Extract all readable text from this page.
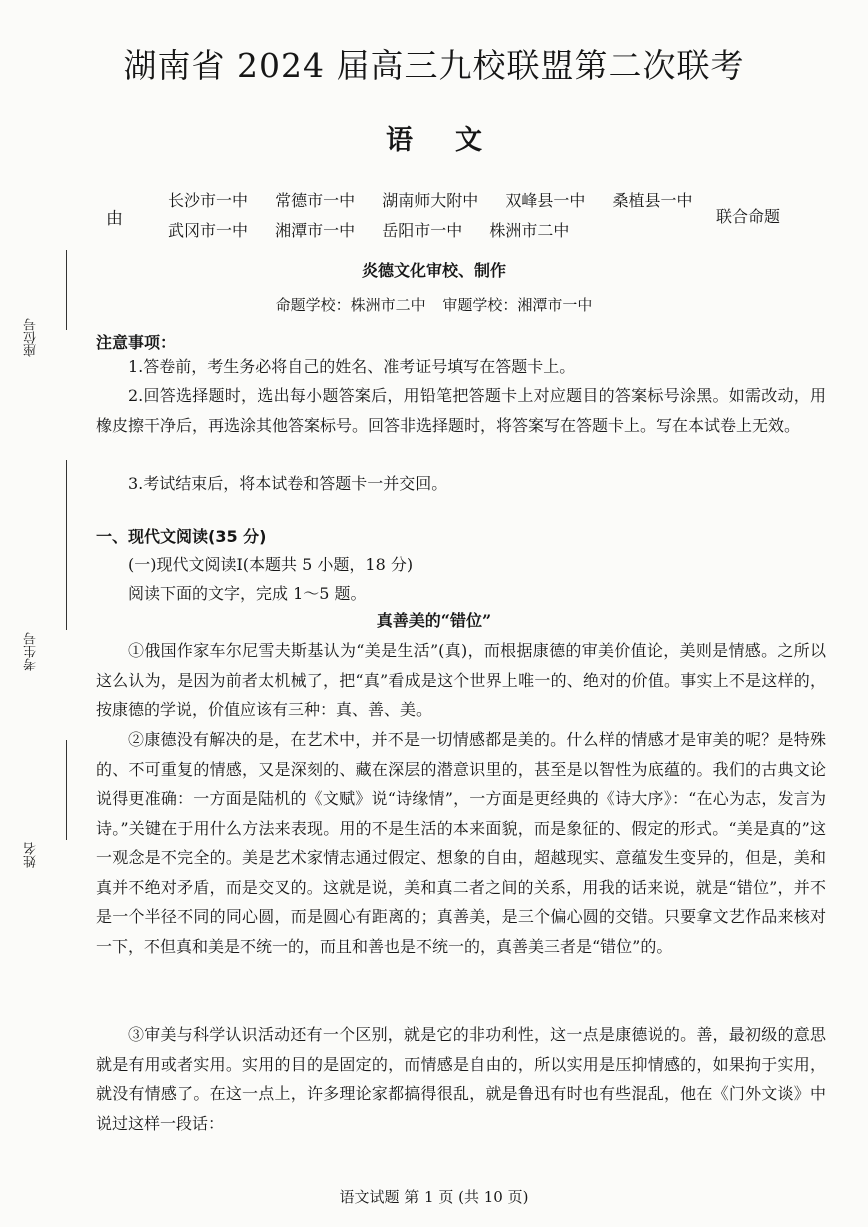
湖南省 2024 届高三九校联盟第二次联考
语文
由
长沙市一中 常德市一中 湖南师大附中 双峰县一中 桑植县一中
武冈市一中 湘潭市一中 岳阳市一中 株洲市二中
联合命题
炎德文化审校、制作
命题学校：株洲市二中 审题学校：湘潭市一中
座位号
考生号
姓名
注意事项：
1.答卷前，考生务必将自己的姓名、准考证号填写在答题卡上。
2.回答选择题时，选出每小题答案后，用铅笔把答题卡上对应题目的答案标号涂黑。如需改动，用橡皮擦干净后，再选涂其他答案标号。回答非选择题时，将答案写在答题卡上。写在本试卷上无效。
3.考试结束后，将本试卷和答题卡一并交回。
一、现代文阅读(35 分)
(一)现代文阅读Ⅰ(本题共 5 小题，18 分)
阅读下面的文字，完成 1～5 题。
真善美的“错位”
①俄国作家车尔尼雪夫斯基认为“美是生活”(真)，而根据康德的审美价值论，美则是情感。之所以这么认为，是因为前者太机械了，把“真”看成是这个世界上唯一的、绝对的价值。事实上不是这样的，按康德的学说，价值应该有三种：真、善、美。
②康德没有解决的是，在艺术中，并不是一切情感都是美的。什么样的情感才是审美的呢？是特殊的、不可重复的情感，又是深刻的、藏在深层的潜意识里的，甚至是以智性为底蕴的。我们的古典文论说得更准确：一方面是陆机的《文赋》说“诗缘情”，一方面是更经典的《诗大序》：“在心为志，发言为诗。”关键在于用什么方法来表现。用的不是生活的本来面貌，而是象征的、假定的形式。“美是真的”这一观念是不完全的。美是艺术家情志通过假定、想象的自由，超越现实、意蕴发生变异的，但是，美和真并不绝对矛盾，而是交叉的。这就是说，美和真二者之间的关系，用我的话来说，就是“错位”，并不是一个半径不同的同心圆，而是圆心有距离的；真善美，是三个偏心圆的交错。只要拿文艺作品来核对一下，不但真和美是不统一的，而且和善也是不统一的，真善美三者是“错位”的。
③审美与科学认识活动还有一个区别，就是它的非功利性，这一点是康德说的。善，最初级的意思就是有用或者实用。实用的目的是固定的，而情感是自由的，所以实用是压抑情感的，如果拘于实用，就没有情感了。在这一点上，许多理论家都搞得很乱，就是鲁迅有时也有些混乱，他在《门外文谈》中说过这样一段话：
语文试题 第 1 页 (共 10 页)
